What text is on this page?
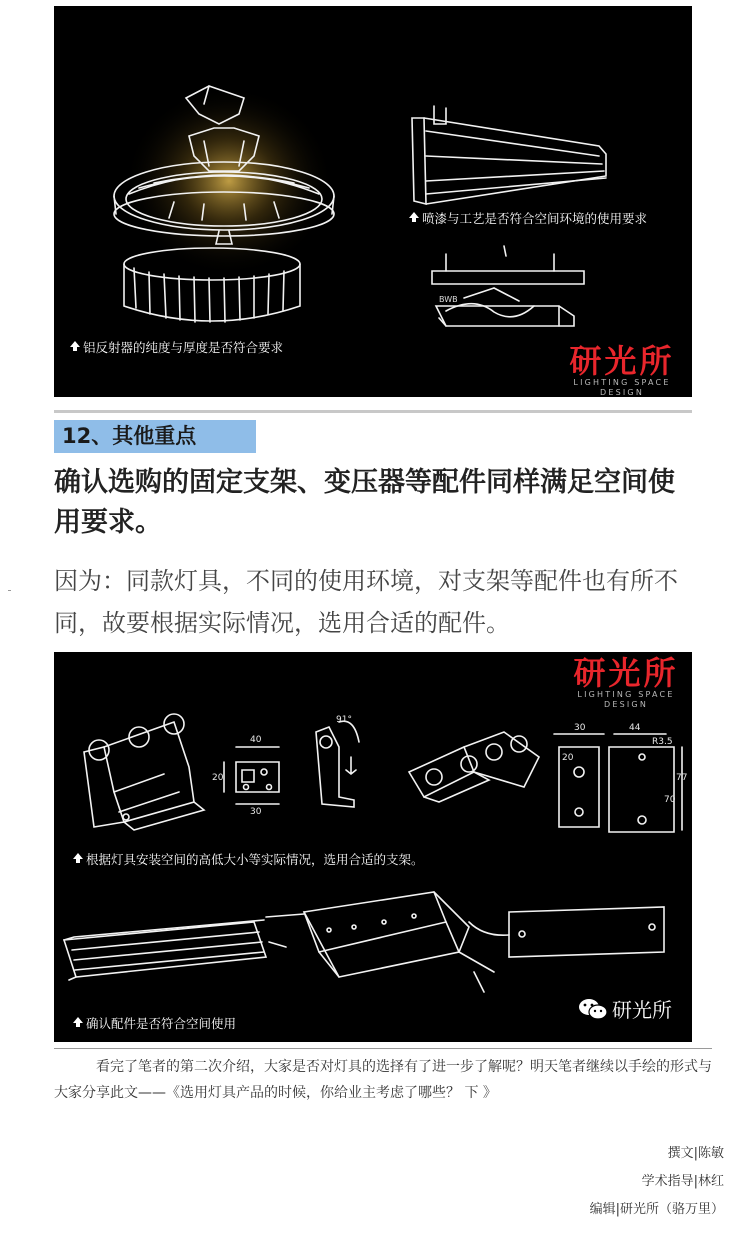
BWB
铝反射器的纯度与厚度是否符合要求
喷漆与工艺是否符合空间环境的使用要求
研光所
LIGHTING SPACE DESIGN
12、其他重点
确认选购的固定支架、变压器等配件同样满足空间使用要求。
因为：同款灯具，不同的使用环境，对支架等配件也有所不同，故要根据实际情况，选用合适的配件。
研光所
LIGHTING SPACE DESIGN
40
30
20
91°
30	44
R3.5
77
70
20
根据灯具安装空间的高低大小等实际情况，选用合适的支架。
确认配件是否符合空间使用
研光所
看完了笔者的第二次介绍，大家是否对灯具的选择有了进一步了解呢？明天笔者继续以手绘的形式与大家分享此文——《选用灯具产品的时候，你给业主考虑了哪些？ 下 》
撰文|陈敏
学术指导|林红
编辑|研光所（骆万里）
